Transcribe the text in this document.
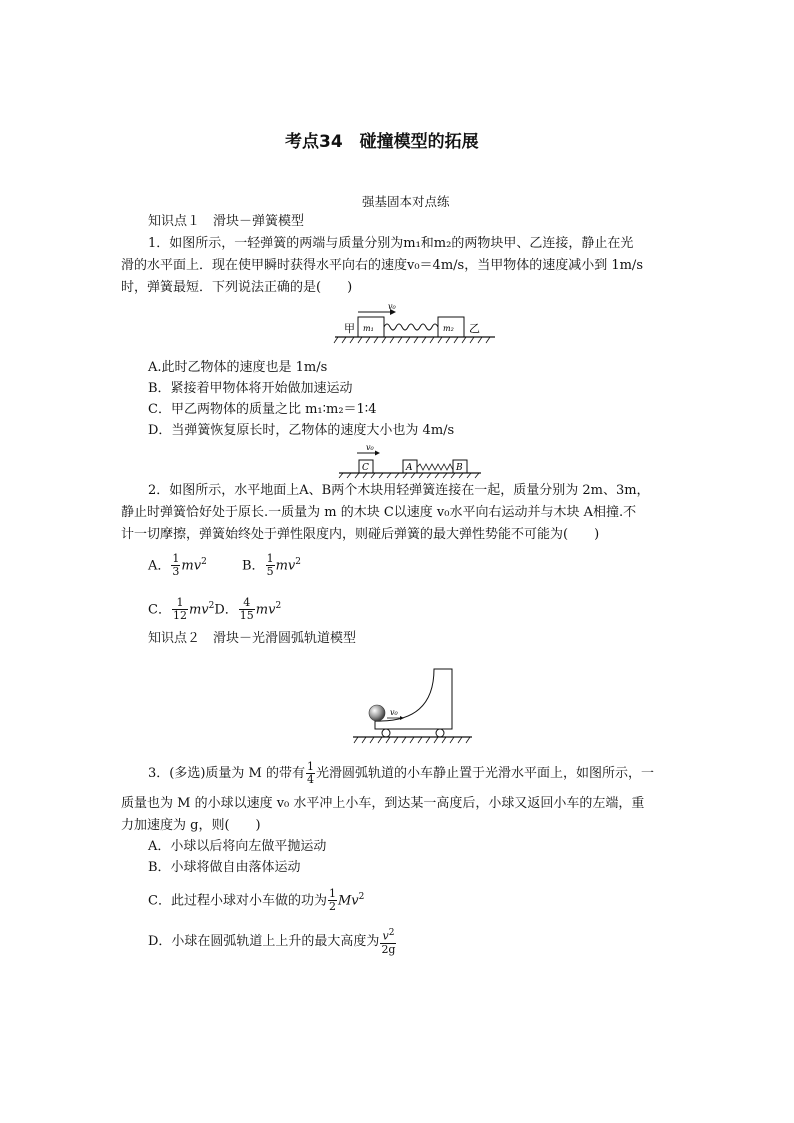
考点34　碰撞模型的拓展
强基固本对点练
知识点１　滑块－弹簧模型
1．如图所示，一轻弹簧的两端与质量分别为m₁和m₂的两物块甲、乙连接，静止在光
滑的水平面上．现在使甲瞬时获得水平向右的速度v₀＝4m/s，当甲物体的速度减小到 1m/s
时，弹簧最短．下列说法正确的是(　　)
v₀
甲 m₁	m₂ 乙
A.此时乙物体的速度也是 1m/s
B．紧接着甲物体将开始做加速运动
C．甲乙两物体的质量之比 m₁∶m₂＝1∶4
D．当弹簧恢复原长时，乙物体的速度大小也为 4m/s
v₀
C	A	B
2．如图所示，水平地面上A、B两个木块用轻弹簧连接在一起，质量分别为 2m、3m，
静止时弹簧恰好处于原长.一质量为 m 的木块 C以速度 v₀水平向右运动并与木块 A相撞.不
计一切摩擦，弹簧始终处于弹性限度内，则碰后弹簧的最大弹性势能不可能为(　　)
A． $\frac{1}{3} mv^2$	B． $\frac{1}{5} mv^2$
C． $\frac{1}{12} mv^2D$． $\frac{4}{15} mv^2$
知识点２　滑块－光滑圆弧轨道模型
v₀
3．(多选)质量为 M 的带有 $\frac{1}{4}$ 光滑圆弧轨道的小车静止置于光滑水平面上，如图所示，一
质量也为 M 的小球以速度 v₀ 水平冲上小车，到达某一高度后，小球又返回小车的左端，重
力加速度为 g，则(　　)
A．小球以后将向左做平抛运动
B．小球将做自由落体运动
C．此过程小球对小车做的功为 $\frac{1}{2} Mv^2$
D．小球在圆弧轨道上上升的最大高度为 $\frac{v^2}{2g}$
